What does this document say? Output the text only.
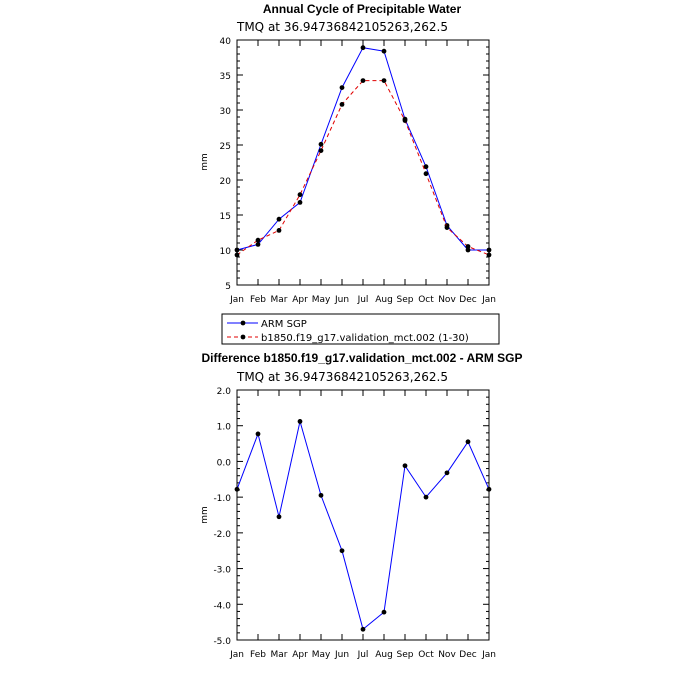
Annual Cycle of Precipitable Water
TMQ at 36.94736842105263,262.5
mm
5
10
15
20
25
30
35
40
Jan Feb Mar Apr May Jun Jul Aug Sep Oct Nov Dec Jan
ARM SGP
b1850.f19_g17.validation_mct.002 (1-30)
Difference b1850.f19_g17.validation_mct.002 - ARM SGP
TMQ at 36.94736842105263,262.5
mm
-5.0
-4.0
-3.0
-2.0
-1.0
0.0
1.0
2.0
Jan Feb Mar Apr May Jun Jul Aug Sep Oct Nov Dec Jan
